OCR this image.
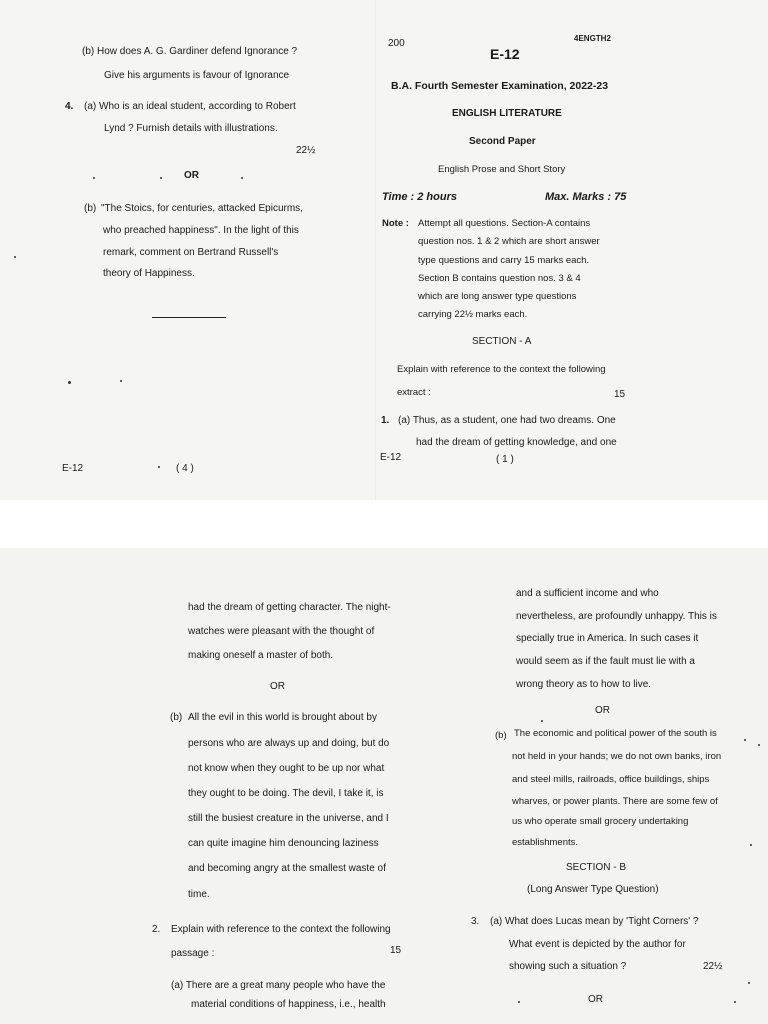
(b) How does A. G. Gardiner defend Ignorance ?
Give his arguments is favour of Ignorance
4. (a) Who is an ideal student, according to Robert
Lynd ? Furnish details with illustrations.
22½
OR
(b) "The Stoics, for centuries, attacked Epicurms,
who preached happiness". In the light of this
remark, comment on Bertrand Russell's
theory of Happiness.
E-12	( 4 )
200	4ENGTH2
E-12
B.A. Fourth Semester Examination, 2022-23
ENGLISH LITERATURE
Second Paper
English Prose and Short Story
Time : 2 hours	Max. Marks : 75
Note : Attempt all questions. Section-A contains
question nos. 1 & 2 which are short answer
type questions and carry 15 marks each.
Section B contains question nos. 3 & 4
which are long answer type questions
carrying 22½ marks each.
SECTION - A
Explain with reference to the context the following
extract :	15
1. (a) Thus, as a student, one had two dreams. One
had the dream of getting knowledge, and one
E-12	( 1 )
had the dream of getting character. The night-
watches were pleasant with the thought of
making oneself a master of both.
OR
(b) All the evil in this world is brought about by
persons who are always up and doing, but do
not know when they ought to be up nor what
they ought to be doing. The devil, I take it, is
still the busiest creature in the universe, and I
can quite imagine him denouncing laziness
and becoming angry at the smallest waste of
time.
2. Explain with reference to the context the following
passage :	15
(a) There are a great many people who have the
material conditions of happiness, i.e., health
and a sufficient income and who
nevertheless, are profoundly unhappy. This is
specially true in America. In such cases it
would seem as if the fault must lie with a
wrong theory as to how to live.
OR
(b) The economic and political power of the south is
not held in your hands; we do not own banks, iron
and steel mills, railroads, office buildings, ships
wharves, or power plants. There are some few of
us who operate small grocery undertaking
establishments.
SECTION - B
(Long Answer Type Question)
3. (a) What does Lucas mean by 'Tight Corners' ?
What event is depicted by the author for
showing such a situation ?	22½
OR
